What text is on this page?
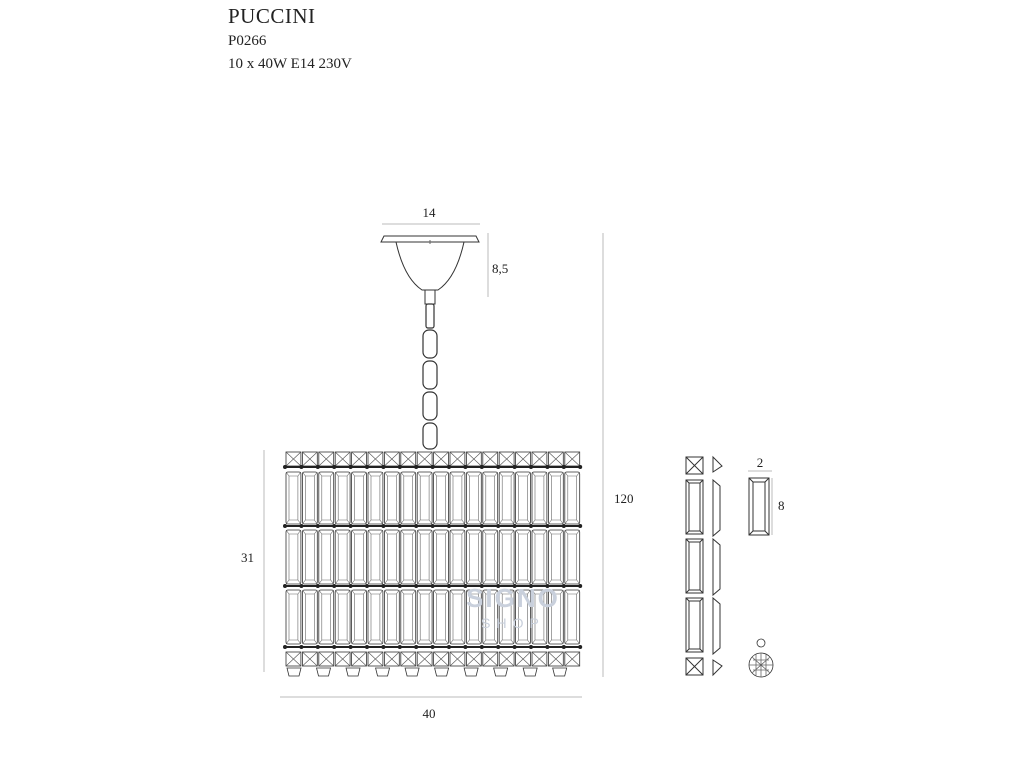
PUCCINI
P0266
10 x 40W E14 230V
14
8,5
120
31
40
2
8
SIGNO
SHOP
